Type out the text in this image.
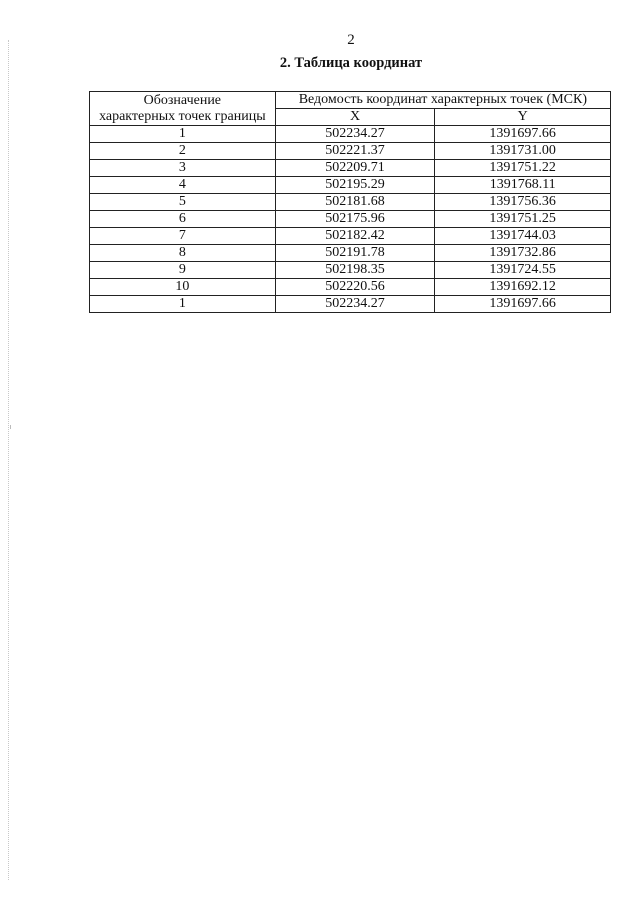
2
2. Таблица координат
Обозначение
характерных точек границы	Ведомость координат характерных точек (МСК)	
	X	Y
1	502234.27	1391697.66
2	502221.37	1391731.00
3	502209.71	1391751.22
4	502195.29	1391768.11
5	502181.68	1391756.36
6	502175.96	1391751.25
7	502182.42	1391744.03
8	502191.78	1391732.86
9	502198.35	1391724.55
10	502220.56	1391692.12
1	502234.27	1391697.66
